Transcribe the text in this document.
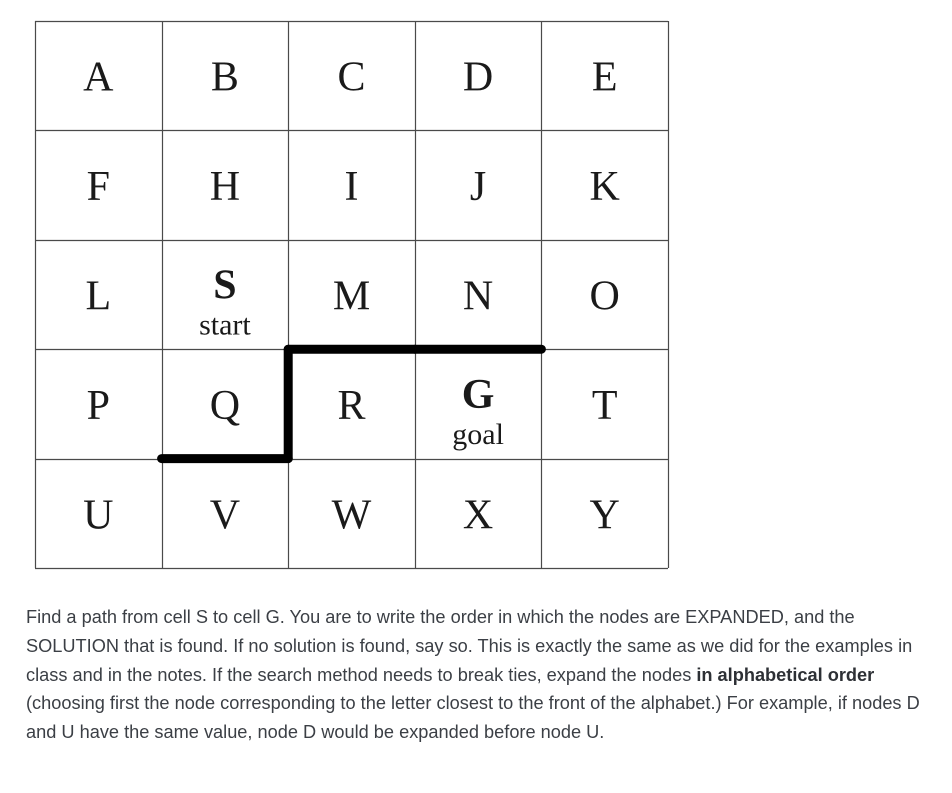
A B C D E
F H I	J K
L S
start
M N O
P Q R G
goal
T
U V W X Y

Find a path from cell S to cell G. You are to write the order in which the nodes are EXPANDED, and the SOLUTION that is found. If no solution is found, say so. This is exactly the same as we did for the examples in class and in the notes. If the search method needs to break ties, expand the nodes in alphabetical order (choosing first the node corresponding to the letter closest to the front of the alphabet.) For example, if nodes D and U have the same value, node D would be expanded before node U.
